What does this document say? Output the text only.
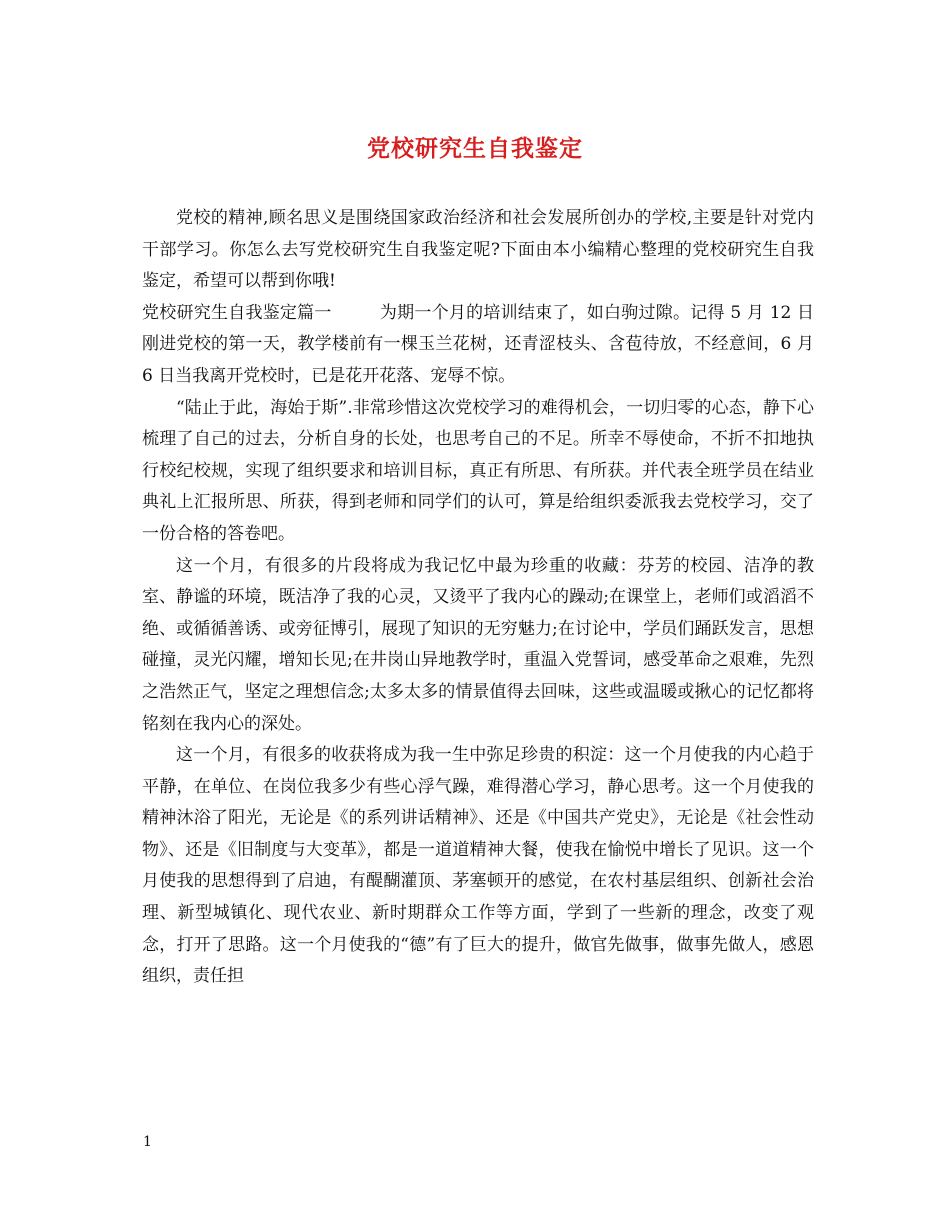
党校研究生自我鉴定

党校的精神,顾名思义是围绕国家政治经济和社会发展所创办的学校,主要是针对党内干部学习。你怎么去写党校研究生自我鉴定呢?下面由本小编精心整理的党校研究生自我鉴定，希望可以帮到你哦!

党校研究生自我鉴定篇一	为期一个月的培训结束了，如白驹过隙。记得 5 月 12 日刚进党校的第一天，教学楼前有一棵玉兰花树，还青涩枝头、含苞待放，不经意间，6 月 6 日当我离开党校时，已是花开花落、宠辱不惊。

“陆止于此，海始于斯”.非常珍惜这次党校学习的难得机会，一切归零的心态，静下心梳理了自己的过去，分析自身的长处，也思考自己的不足。所幸不辱使命，不折不扣地执行校纪校规，实现了组织要求和培训目标，真正有所思、有所获。并代表全班学员在结业典礼上汇报所思、所获，得到老师和同学们的认可，算是给组织委派我去党校学习，交了一份合格的答卷吧。

这一个月，有很多的片段将成为我记忆中最为珍重的收藏：芬芳的校园、洁净的教室、静谧的环境，既洁净了我的心灵，又烫平了我内心的躁动;在课堂上，老师们或滔滔不绝、或循循善诱、或旁征博引，展现了知识的无穷魅力;在讨论中，学员们踊跃发言，思想碰撞，灵光闪耀，增知长见;在井岗山异地教学时，重温入党誓词，感受革命之艰难，先烈之浩然正气，坚定之理想信念;太多太多的情景值得去回味，这些或温暖或揪心的记忆都将铭刻在我内心的深处。

这一个月，有很多的收获将成为我一生中弥足珍贵的积淀：这一个月使我的内心趋于平静，在单位、在岗位我多少有些心浮气躁，难得潜心学习，静心思考。这一个月使我的精神沐浴了阳光，无论是《的系列讲话精神》、还是《中国共产党史》，无论是《社会性动物》、还是《旧制度与大变革》，都是一道道精神大餐，使我在愉悦中增长了见识。这一个月使我的思想得到了启迪，有醍醐灌顶、茅塞顿开的感觉，在农村基层组织、创新社会治理、新型城镇化、现代农业、新时期群众工作等方面，学到了一些新的理念，改变了观念，打开了思路。这一个月使我的“德”有了巨大的提升，做官先做事，做事先做人，感恩组织，责任担

1
